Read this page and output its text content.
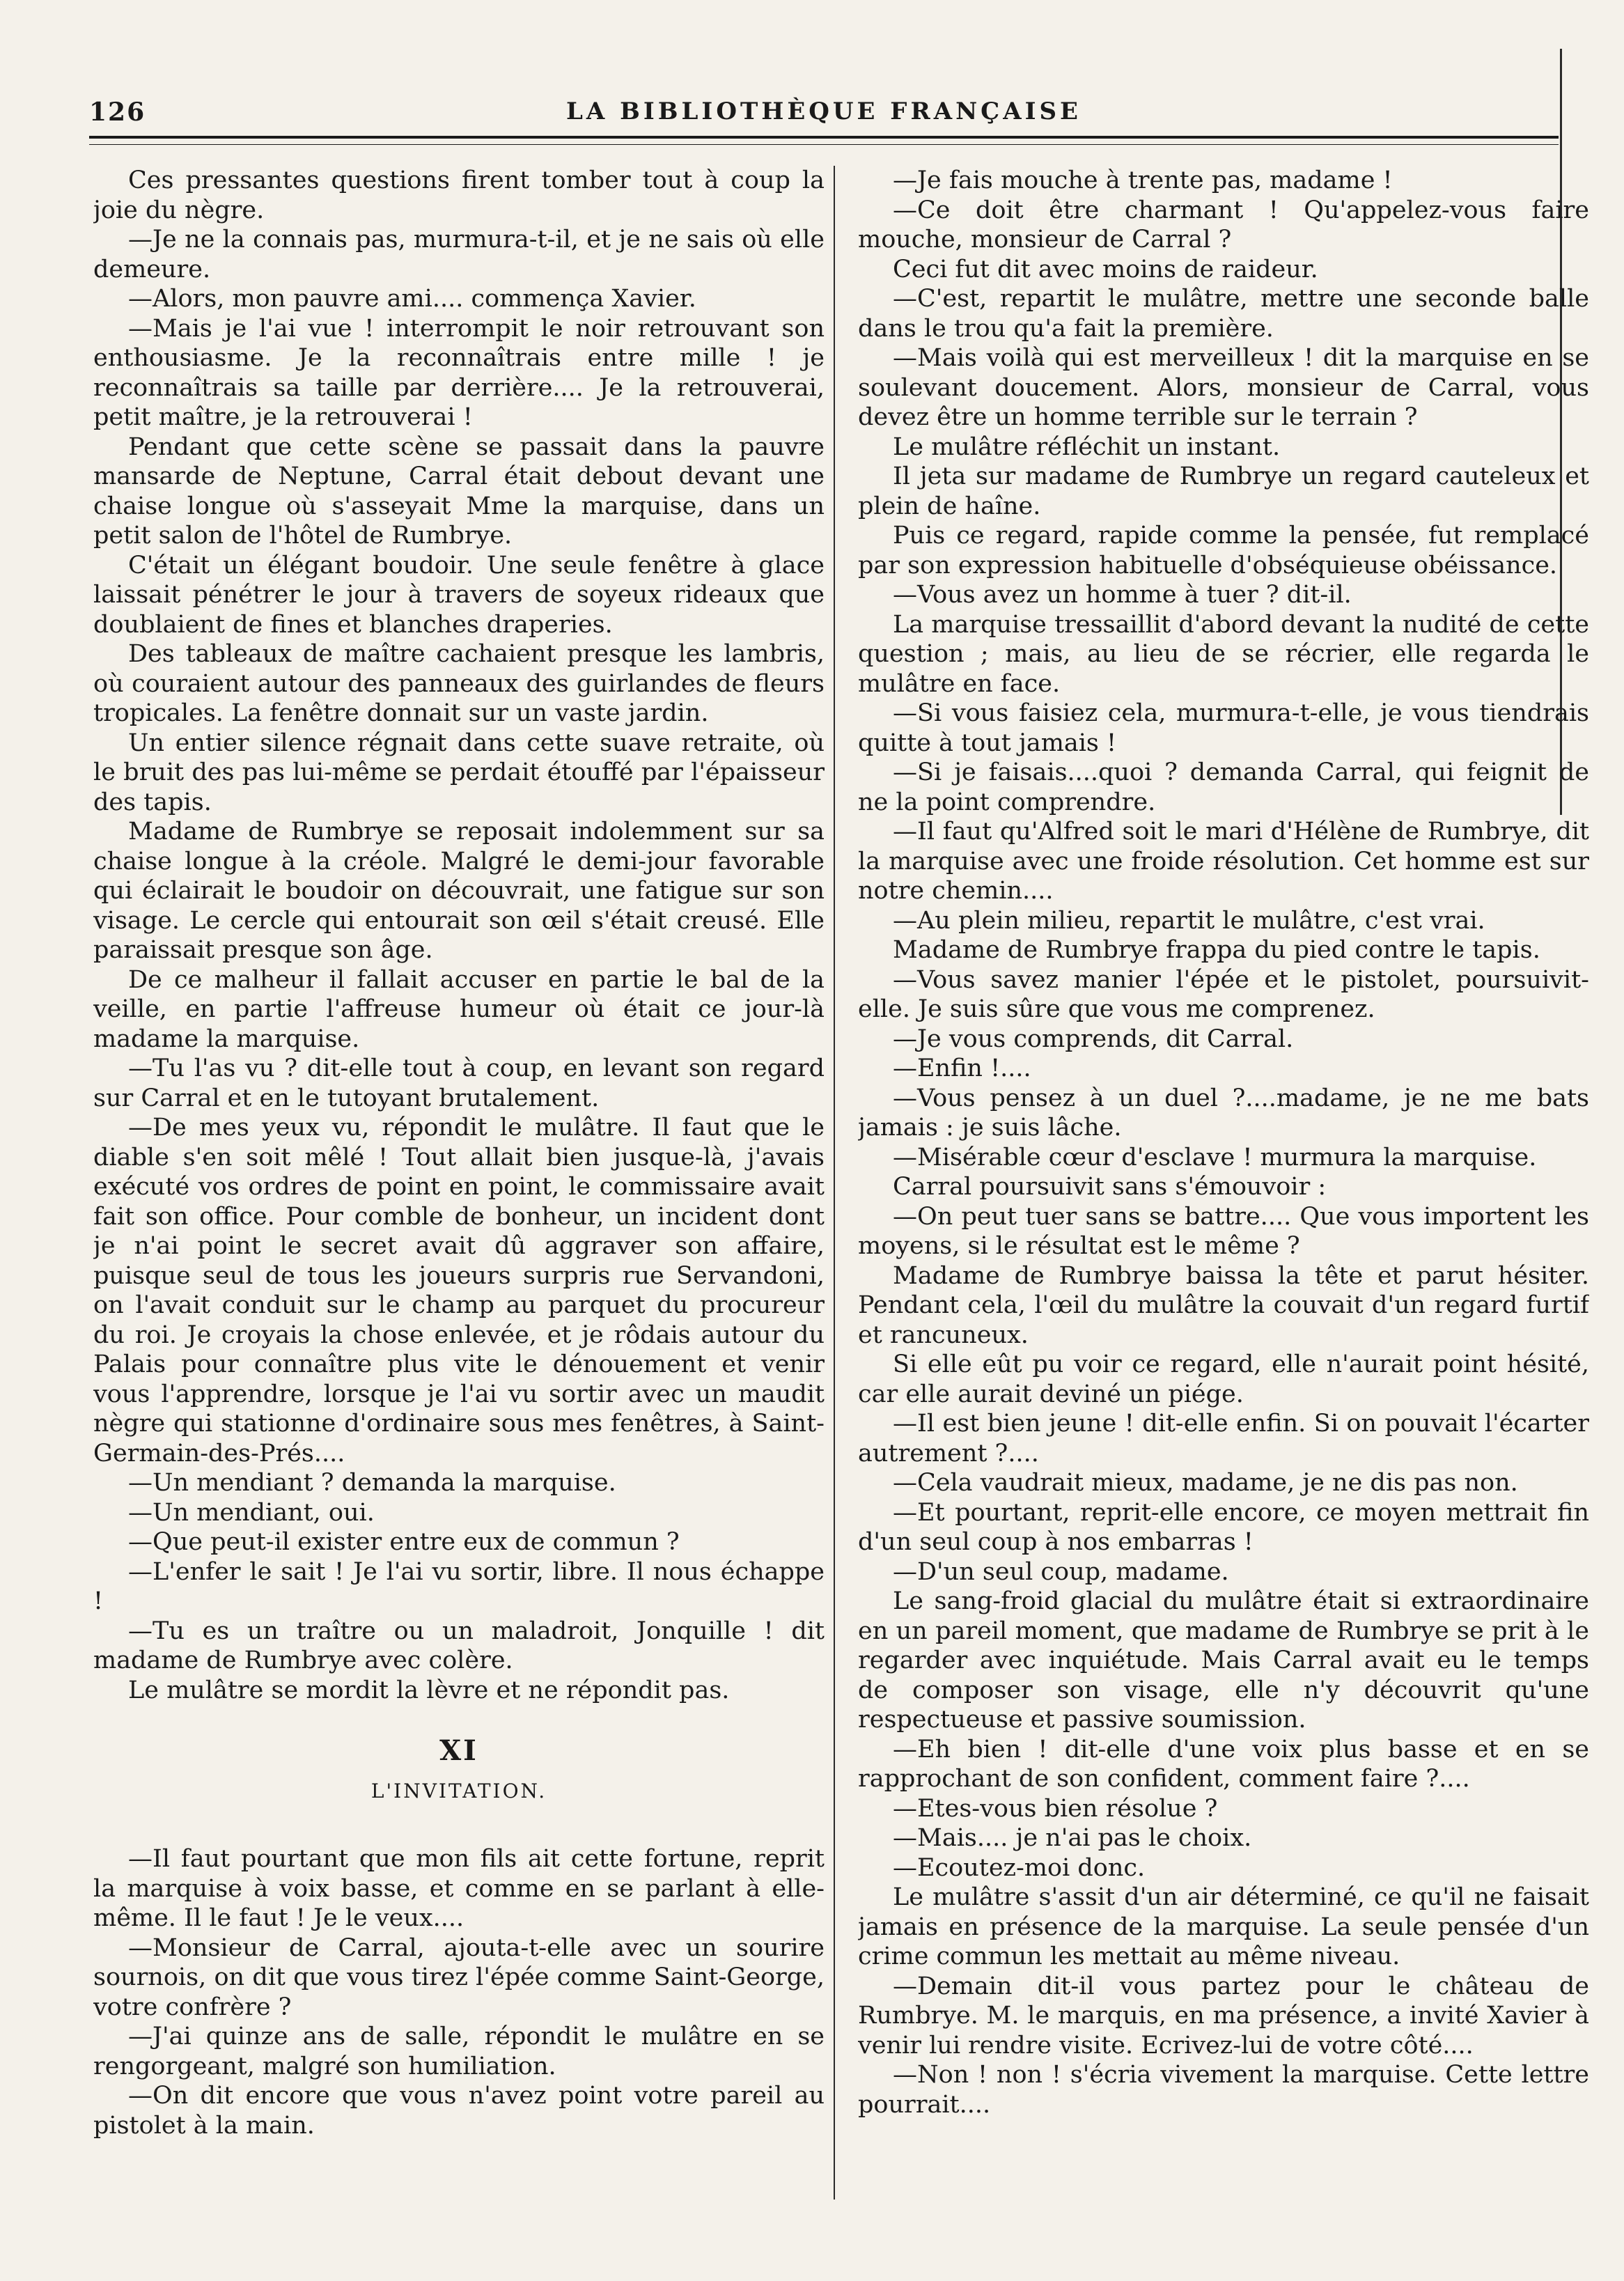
LA BIBLIOTHÈQUE FRANÇAISE
126

Ces pressantes questions firent tomber tout à coup la joie du nègre.

—Je ne la connais pas, murmura-t-il, et je ne sais où elle demeure.

—Alors, mon pauvre ami.... commença Xavier.

—Mais je l'ai vue ! interrompit le noir retrouvant son enthousiasme. Je la reconnaîtrais entre mille ! je reconnaîtrais sa taille par derrière.... Je la retrouverai, petit maître, je la retrouverai !

Pendant que cette scène se passait dans la pauvre mansarde de Neptune, Carral était debout devant une chaise longue où s'asseyait Mme la marquise, dans un petit salon de l'hôtel de Rumbrye.

C'était un élégant boudoir. Une seule fenêtre à glace laissait pénétrer le jour à travers de soyeux rideaux que doublaient de fines et blanches draperies.

Des tableaux de maître cachaient presque les lambris, où couraient autour des panneaux des guirlandes de fleurs tropicales. La fenêtre donnait sur un vaste jardin.

Un entier silence régnait dans cette suave retraite, où le bruit des pas lui-même se perdait étouffé par l'épaisseur des tapis.

Madame de Rumbrye se reposait indolemment sur sa chaise longue à la créole. Malgré le demi-jour favorable qui éclairait le boudoir on découvrait, une fatigue sur son visage. Le cercle qui entourait son œil s'était creusé. Elle paraissait presque son âge.

De ce malheur il fallait accuser en partie le bal de la veille, en partie l'affreuse humeur où était ce jour-là madame la marquise.

—Tu l'as vu ? dit-elle tout à coup, en levant son regard sur Carral et en le tutoyant brutalement.

—De mes yeux vu, répondit le mulâtre. Il faut que le diable s'en soit mêlé ! Tout allait bien jusque-là, j'avais exécuté vos ordres de point en point, le commissaire avait fait son office. Pour comble de bonheur, un incident dont je n'ai point le secret avait dû aggraver son affaire, puisque seul de tous les joueurs surpris rue Servandoni, on l'avait conduit sur le champ au parquet du procureur du roi. Je croyais la chose enlevée, et je rôdais autour du Palais pour connaître plus vite le dénouement et venir vous l'apprendre, lorsque je l'ai vu sortir avec un maudit nègre qui stationne d'ordinaire sous mes fenêtres, à Saint-Germain-des-Prés....

—Un mendiant ? demanda la marquise.

—Un mendiant, oui.

—Que peut-il exister entre eux de commun ?

—L'enfer le sait ! Je l'ai vu sortir, libre. Il nous échappe !

—Tu es un traître ou un maladroit, Jonquille ! dit madame de Rumbrye avec colère.

Le mulâtre se mordit la lèvre et ne répondit pas.

XI
L'INVITATION.

—Il faut pourtant que mon fils ait cette fortune, reprit la marquise à voix basse, et comme en se parlant à elle-même. Il le faut ! Je le veux....

—Monsieur de Carral, ajouta-t-elle avec un sourire sournois, on dit que vous tirez l'épée comme Saint-George, votre confrère ?

—J'ai quinze ans de salle, répondit le mulâtre en se rengorgeant, malgré son humiliation.

—On dit encore que vous n'avez point votre pareil au pistolet à la main.

—Je fais mouche à trente pas, madame !

—Ce doit être charmant ! Qu'appelez-vous faire mouche, monsieur de Carral ?

Ceci fut dit avec moins de raideur.

—C'est, repartit le mulâtre, mettre une seconde balle dans le trou qu'a fait la première.

—Mais voilà qui est merveilleux ! dit la marquise en se soulevant doucement. Alors, monsieur de Carral, vous devez être un homme terrible sur le terrain ?

Le mulâtre réfléchit un instant.

Il jeta sur madame de Rumbrye un regard cauteleux et plein de haîne.

Puis ce regard, rapide comme la pensée, fut remplacé par son expression habituelle d'obséquieuse obéissance.

—Vous avez un homme à tuer ? dit-il.

La marquise tressaillit d'abord devant la nudité de cette question ; mais, au lieu de se récrier, elle regarda le mulâtre en face.

—Si vous faisiez cela, murmura-t-elle, je vous tiendrais quitte à tout jamais !

—Si je faisais....quoi ? demanda Carral, qui feignit de ne la point comprendre.

—Il faut qu'Alfred soit le mari d'Hélène de Rumbrye, dit la marquise avec une froide résolution. Cet homme est sur notre chemin....

—Au plein milieu, repartit le mulâtre, c'est vrai.

Madame de Rumbrye frappa du pied contre le tapis.

—Vous savez manier l'épée et le pistolet, poursuivit-elle. Je suis sûre que vous me comprenez.

—Je vous comprends, dit Carral.

—Enfin !....

—Vous pensez à un duel ?....madame, je ne me bats jamais : je suis lâche.

—Misérable cœur d'esclave ! murmura la marquise.

Carral poursuivit sans s'émouvoir :

—On peut tuer sans se battre.... Que vous importent les moyens, si le résultat est le même ?

Madame de Rumbrye baissa la tête et parut hésiter. Pendant cela, l'œil du mulâtre la couvait d'un regard furtif et rancuneux.

Si elle eût pu voir ce regard, elle n'aurait point hésité, car elle aurait deviné un piége.

—Il est bien jeune ! dit-elle enfin. Si on pouvait l'écarter autrement ?....

—Cela vaudrait mieux, madame, je ne dis pas non.

—Et pourtant, reprit-elle encore, ce moyen mettrait fin d'un seul coup à nos embarras !

—D'un seul coup, madame.

Le sang-froid glacial du mulâtre était si extraordinaire en un pareil moment, que madame de Rumbrye se prit à le regarder avec inquiétude. Mais Carral avait eu le temps de composer son visage, elle n'y découvrit qu'une respectueuse et passive soumission.

—Eh bien ! dit-elle d'une voix plus basse et en se rapprochant de son confident, comment faire ?....

—Etes-vous bien résolue ?

—Mais.... je n'ai pas le choix.

—Ecoutez-moi donc.

Le mulâtre s'assit d'un air déterminé, ce qu'il ne faisait jamais en présence de la marquise. La seule pensée d'un crime commun les mettait au même niveau.

—Demain dit-il vous partez pour le château de Rumbrye. M. le marquis, en ma présence, a invité Xavier à venir lui rendre visite. Ecrivez-lui de votre côté....

—Non ! non ! s'écria vivement la marquise. Cette lettre pourrait....
